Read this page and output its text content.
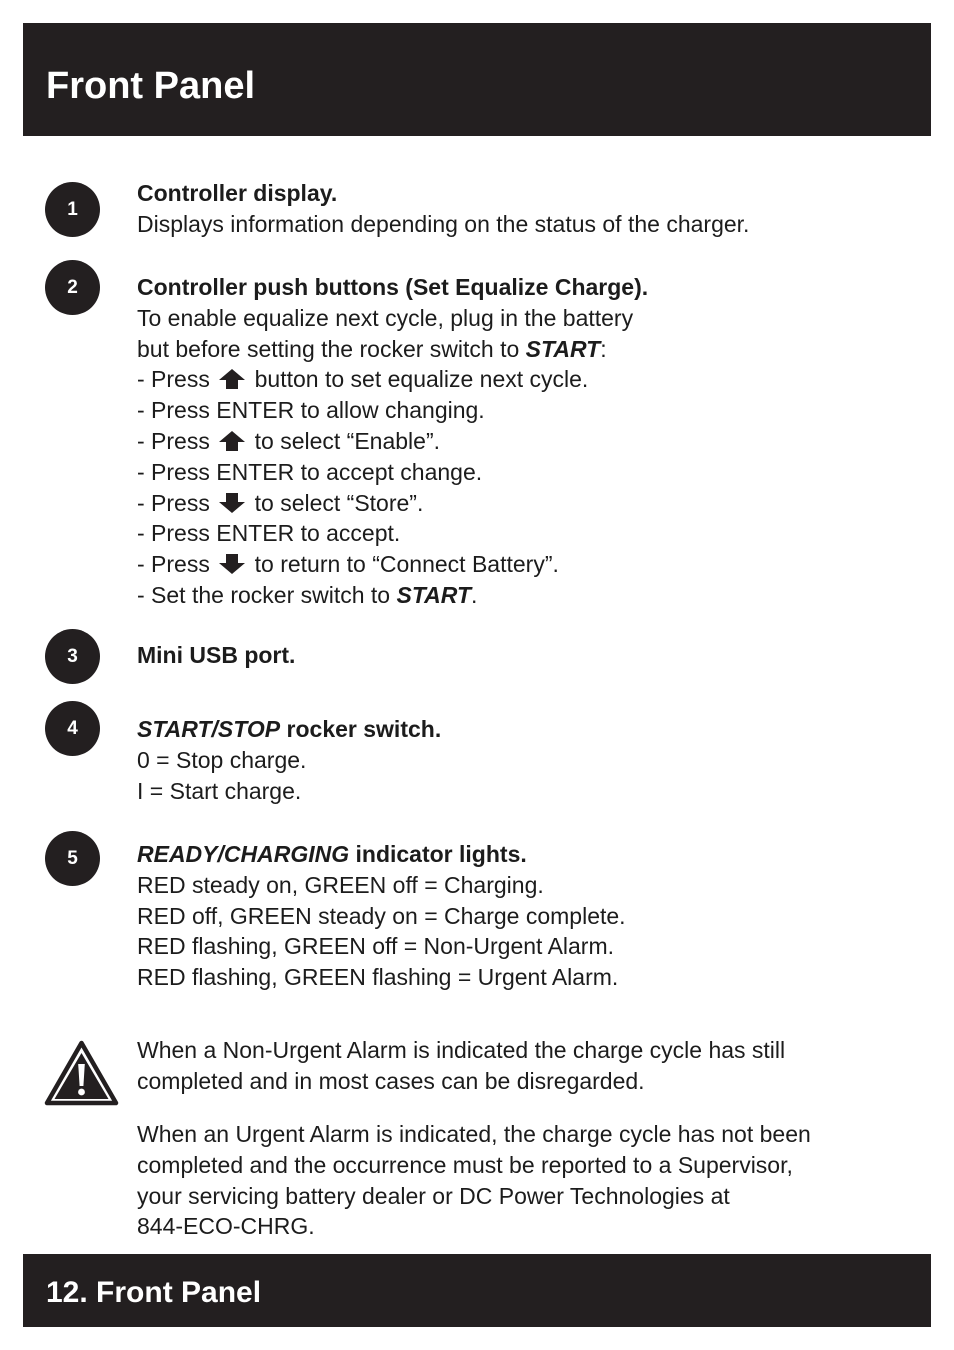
Front Panel
1
Controller display.
Displays information depending on the status of the charger.
2	Controller push buttons (Set Equalize Charge).
To enable equalize next cycle, plug in the battery
but before setting the rocker switch to START:
- Press  button to set equalize next cycle.
- Press ENTER to allow changing.
- Press  to select “Enable”.
- Press ENTER to accept change.
- Press  to select “Store”.
- Press ENTER to accept.
- Press  to return to “Connect Battery”.
- Set the rocker switch to START.
3	Mini USB port.
4	START/STOP rocker switch.
0 = Stop charge.
I = Start charge.
5	READY/CHARGING indicator lights.
RED steady on, GREEN off = Charging.
RED off, GREEN steady on = Charge complete.
RED flashing, GREEN off = Non-Urgent Alarm.
RED flashing, GREEN flashing = Urgent Alarm.
When a Non-Urgent Alarm is indicated the charge cycle has still
completed and in most cases can be disregarded.
When an Urgent Alarm is indicated, the charge cycle has not been
completed and the occurrence must be reported to a Supervisor,
your servicing battery dealer or DC Power Technologies at
844-ECO-CHRG.
12. Front Panel
